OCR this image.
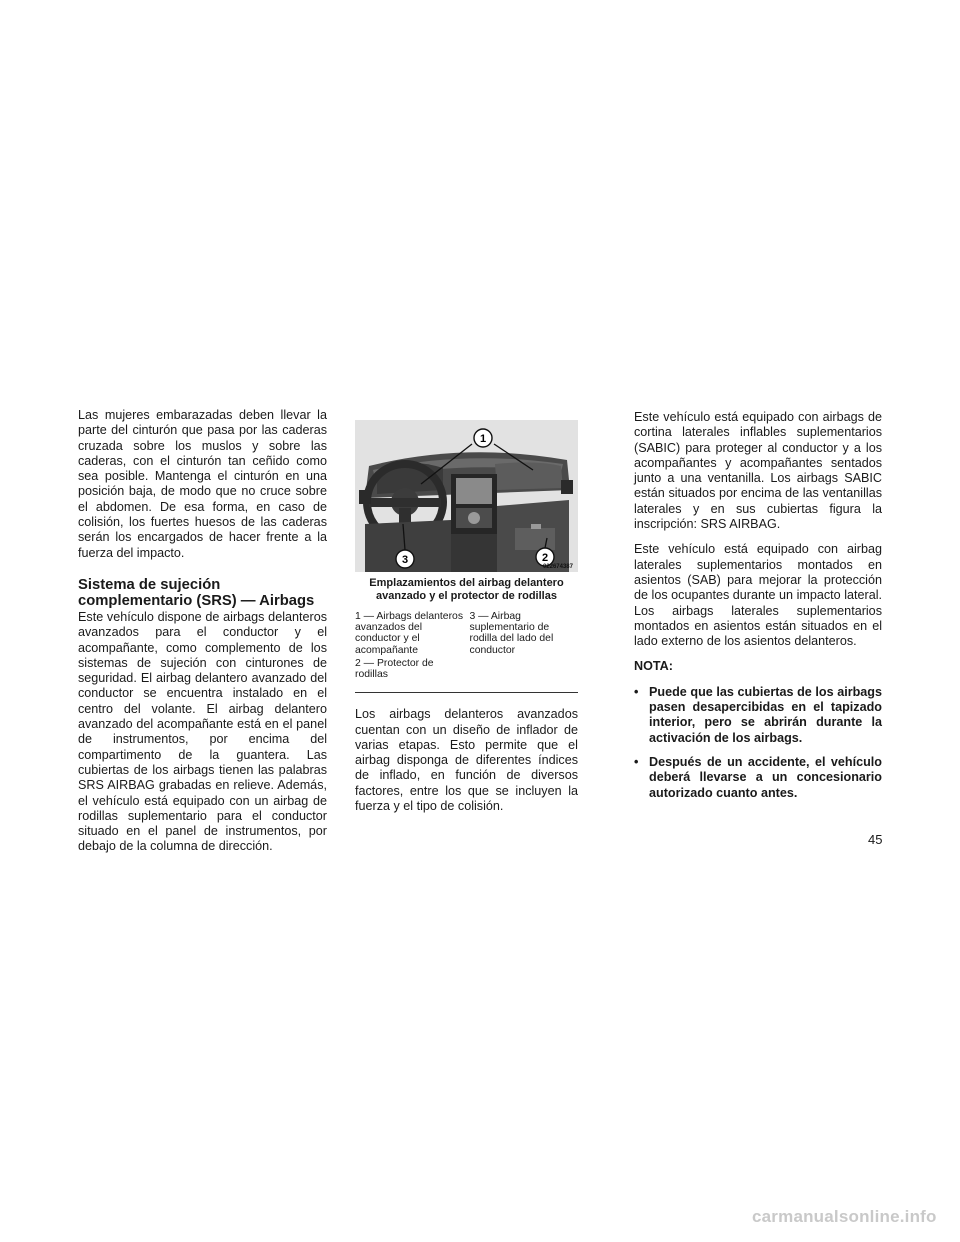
Las mujeres embarazadas deben llevar la parte del cinturón que pasa por las caderas cruzada sobre los muslos y sobre las caderas, con el cinturón tan ceñido como sea posible. Mantenga el cinturón en una posición baja, de modo que no cruce sobre el abdomen. De esa forma, en caso de colisión, los fuertes huesos de las caderas serán los encargados de hacer frente a la fuerza del impacto.

Sistema de sujeción complementario (SRS) — Airbags

Este vehículo dispone de airbags delanteros avanzados para el conductor y el acompañante, como complemento de los sistemas de sujeción con cinturones de seguridad. El airbag delantero avanzado del conductor se encuentra instalado en el centro del volante. El airbag delantero avanzado del acompañante está en el panel de instrumentos, por encima del compartimento de la guantera. Las cubiertas de los airbags tienen las palabras SRS AIRBAG grabadas en relieve. Además, el vehículo está equipado con un airbag de rodillas suplementario para el conductor situado en el panel de instrumentos, por debajo de la columna de dirección.

1
2
3
022674387
Emplazamientos del airbag delantero avanzado y el protector de rodillas
1 — Airbags delanteros avanzados del conductor y el acompañante
2 — Protector de rodillas
3 — Airbag suplementario de rodilla del lado del conductor

Los airbags delanteros avanzados cuentan con un diseño de inflador de varias etapas. Esto permite que el airbag disponga de diferentes índices de inflado, en función de diversos factores, entre los que se incluyen la fuerza y el tipo de colisión.

Este vehículo está equipado con airbags de cortina laterales inflables suplementarios (SABIC) para proteger al conductor y a los acompañantes y acompañantes sentados junto a una ventanilla. Los airbags SABIC están situados por encima de las ventanillas laterales y en sus cubiertas figura la inscripción: SRS AIRBAG.

Este vehículo está equipado con airbag laterales suplementarios montados en asientos (SAB) para mejorar la protección de los ocupantes durante un impacto lateral. Los airbags laterales suplementarios montados en asientos están situados en el lado externo de los asientos delanteros.

NOTA:

• Puede que las cubiertas de los airbags pasen desapercibidas en el tapizado interior, pero se abrirán durante la activación de los airbags.
• Después de un accidente, el vehículo deberá llevarse a un concesionario autorizado cuanto antes.
45
carmanualsonline.info
